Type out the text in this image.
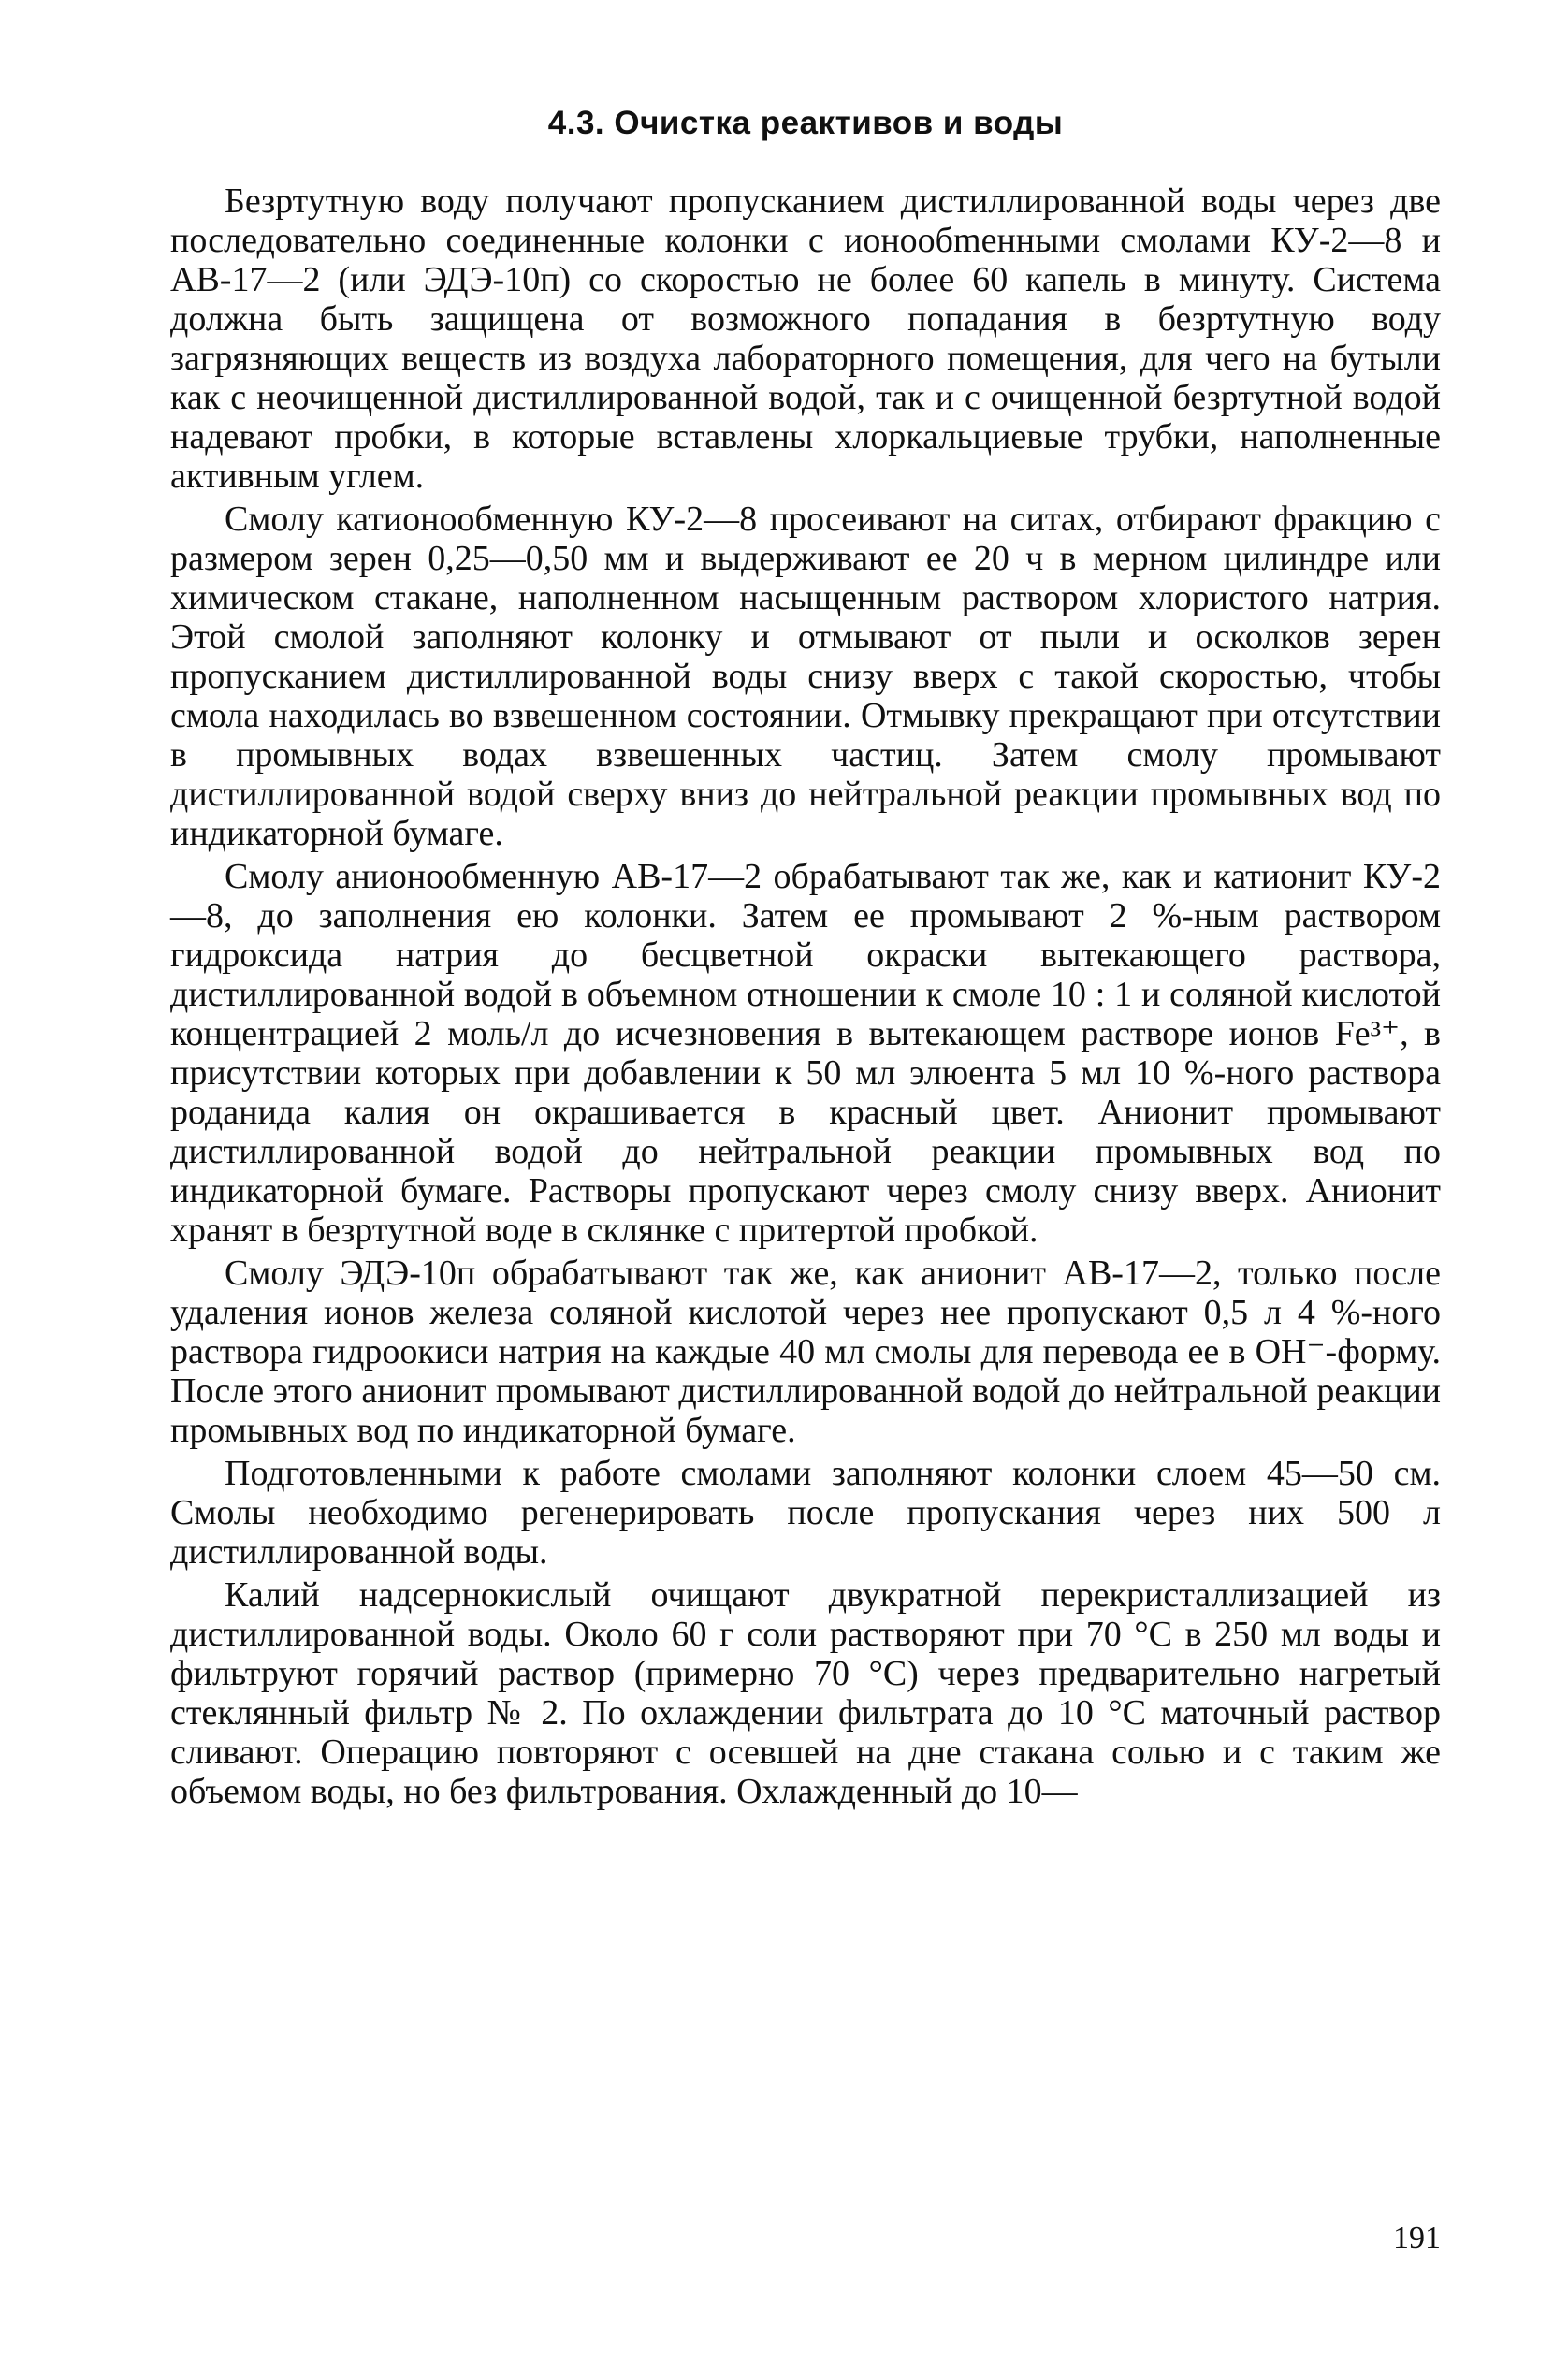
4.3. Очистка реактивов и воды

Безртутную воду получают пропусканием дистиллированной воды через две последовательно соединенные колонки с ионообmенными смолами КУ-2—8 и АВ-17—2 (или ЭДЭ-10п) со скоростью не более 60 капель в минуту. Система должна быть защищена от возможного попадания в безртутную воду загрязняющих веществ из воздуха лабораторного помещения, для чего на бутыли как с неочищенной дистиллированной водой, так и с очищенной безртутной водой надевают пробки, в которые вставлены хлоркальциевые трубки, наполненные активным углем.

Смолу катионообменную КУ-2—8 просеивают на ситах, отбирают фракцию с размером зерен 0,25—0,50 мм и выдерживают ее 20 ч в мерном цилиндре или химическом стакане, наполненном насыщенным раствором хлористого натрия. Этой смолой заполняют колонку и отмывают от пыли и осколков зерен пропусканием дистиллированной воды снизу вверх с такой скоростью, чтобы смола находилась во взвешенном состоянии. Отмывку прекращают при отсутствии в промывных водах взвешенных частиц. Затем смолу промывают дистиллированной водой сверху вниз до нейтральной реакции промывных вод по индикаторной бумаге.

Смолу анионообменную АВ-17—2 обрабатывают так же, как и катионит КУ-2—8, до заполнения ею колонки. Затем ее промывают 2 %-ным раствором гидроксида натрия до бесцветной окраски вытекающего раствора, дистиллированной водой в объемном отношении к смоле 10 : 1 и соляной кислотой концентрацией 2 моль/л до исчезновения в вытекающем растворе ионов Fe³⁺, в присутствии которых при добавлении к 50 мл элюента 5 мл 10 %-ного раствора роданида калия он окрашивается в красный цвет. Анионит промывают дистиллированной водой до нейтральной реакции промывных вод по индикаторной бумаге. Растворы пропускают через смолу снизу вверх. Анионит хранят в безртутной воде в склянке с притертой пробкой.

Смолу ЭДЭ-10п обрабатывают так же, как анионит АВ-17—2, только после удаления ионов железа соляной кислотой через нее пропускают 0,5 л 4 %-ного раствора гидроокиси натрия на каждые 40 мл смолы для перевода ее в ОН⁻-форму. После этого анионит промывают дистиллированной водой до нейтральной реакции промывных вод по индикаторной бумаге.

Подготовленными к работе смолами заполняют колонки слоем 45—50 см. Смолы необходимо регенерировать после пропускания через них 500 л дистиллированной воды.

Калий надсернокислый очищают двукратной перекристаллизацией из дистиллированной воды. Около 60 г соли растворяют при 70 °С в 250 мл воды и фильтруют горячий раствор (примерно 70 °С) через предварительно нагретый стеклянный фильтр № 2. По охлаждении фильтрата до 10 °С маточный раствор сливают. Операцию повторяют с осевшей на дне стакана солью и с таким же объемом воды, но без фильтрования. Охлажденный до 10—

191
